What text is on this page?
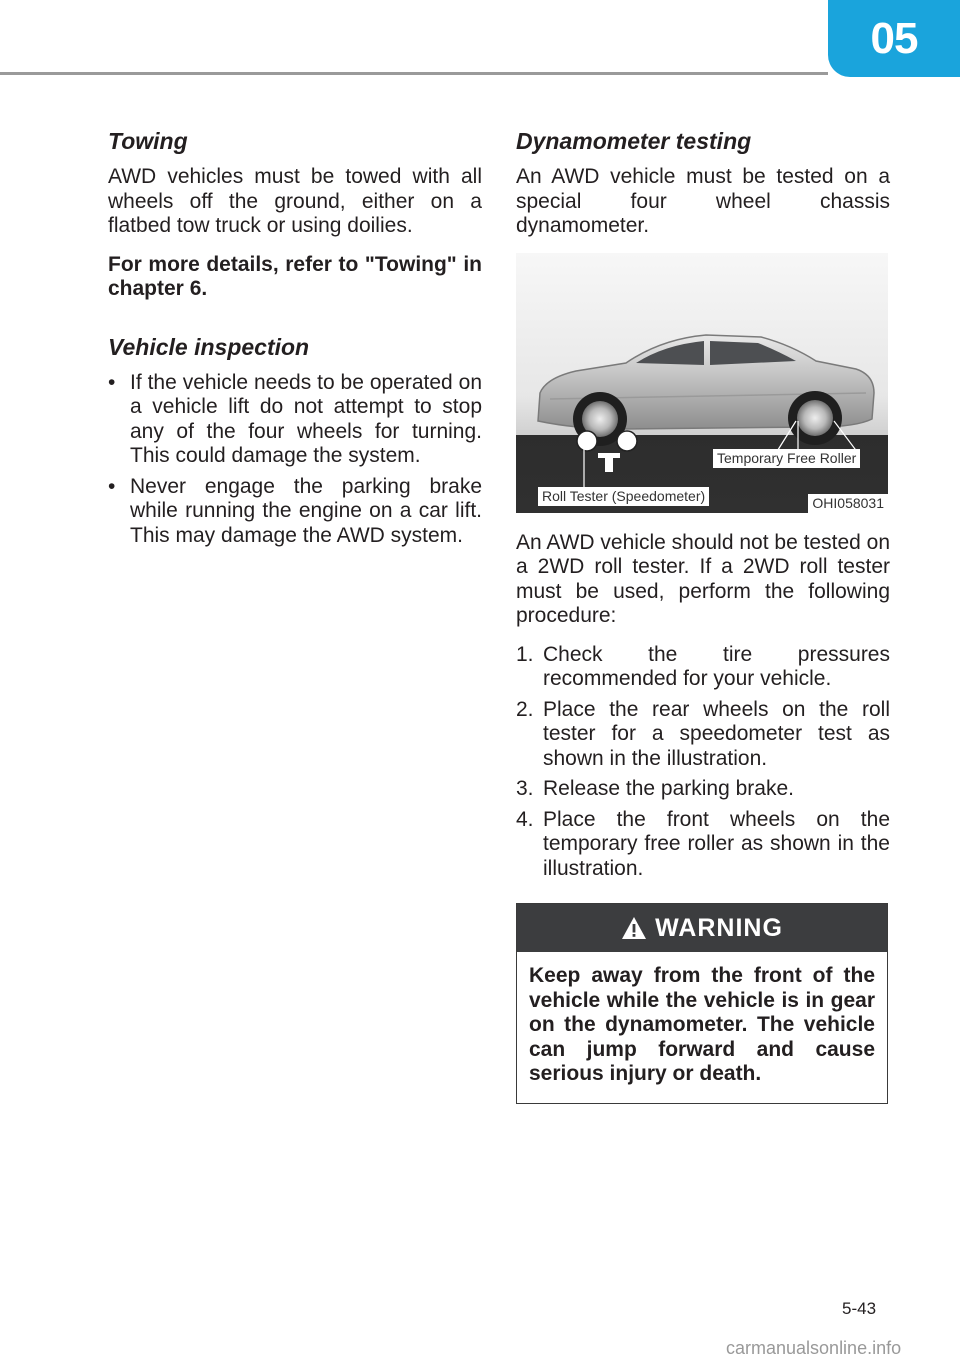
05
Towing

AWD vehicles must be towed with all wheels off the ground, either on a flatbed tow truck or using doilies.

For more details, refer to "Towing" in chapter 6.

Vehicle inspection
• If the vehicle needs to be operated on a vehicle lift do not attempt to stop any of the four wheels for turning. This could damage the system.
• Never engage the parking brake while running the engine on a car lift. This may damage the AWD system.
Dynamometer testing

An AWD vehicle must be tested on a special four wheel chassis dynamometer.

Temporary Free Roller
Roll Tester (Speedometer)	OHI058031

An AWD vehicle should not be tested on a 2WD roll tester. If a 2WD roll tester must be used, perform the following procedure:

1. Check the tire pressures recommended for your vehicle.
2. Place the rear wheels on the roll tester for a speedometer test as shown in the illustration.
3. Release the parking brake.
4. Place the front wheels on the temporary free roller as shown in the illustration.
WARNING

Keep away from the front of the vehicle while the vehicle is in gear on the dynamometer. The vehicle can jump forward and cause serious injury or death.

5-43
carmanualsonline.info
